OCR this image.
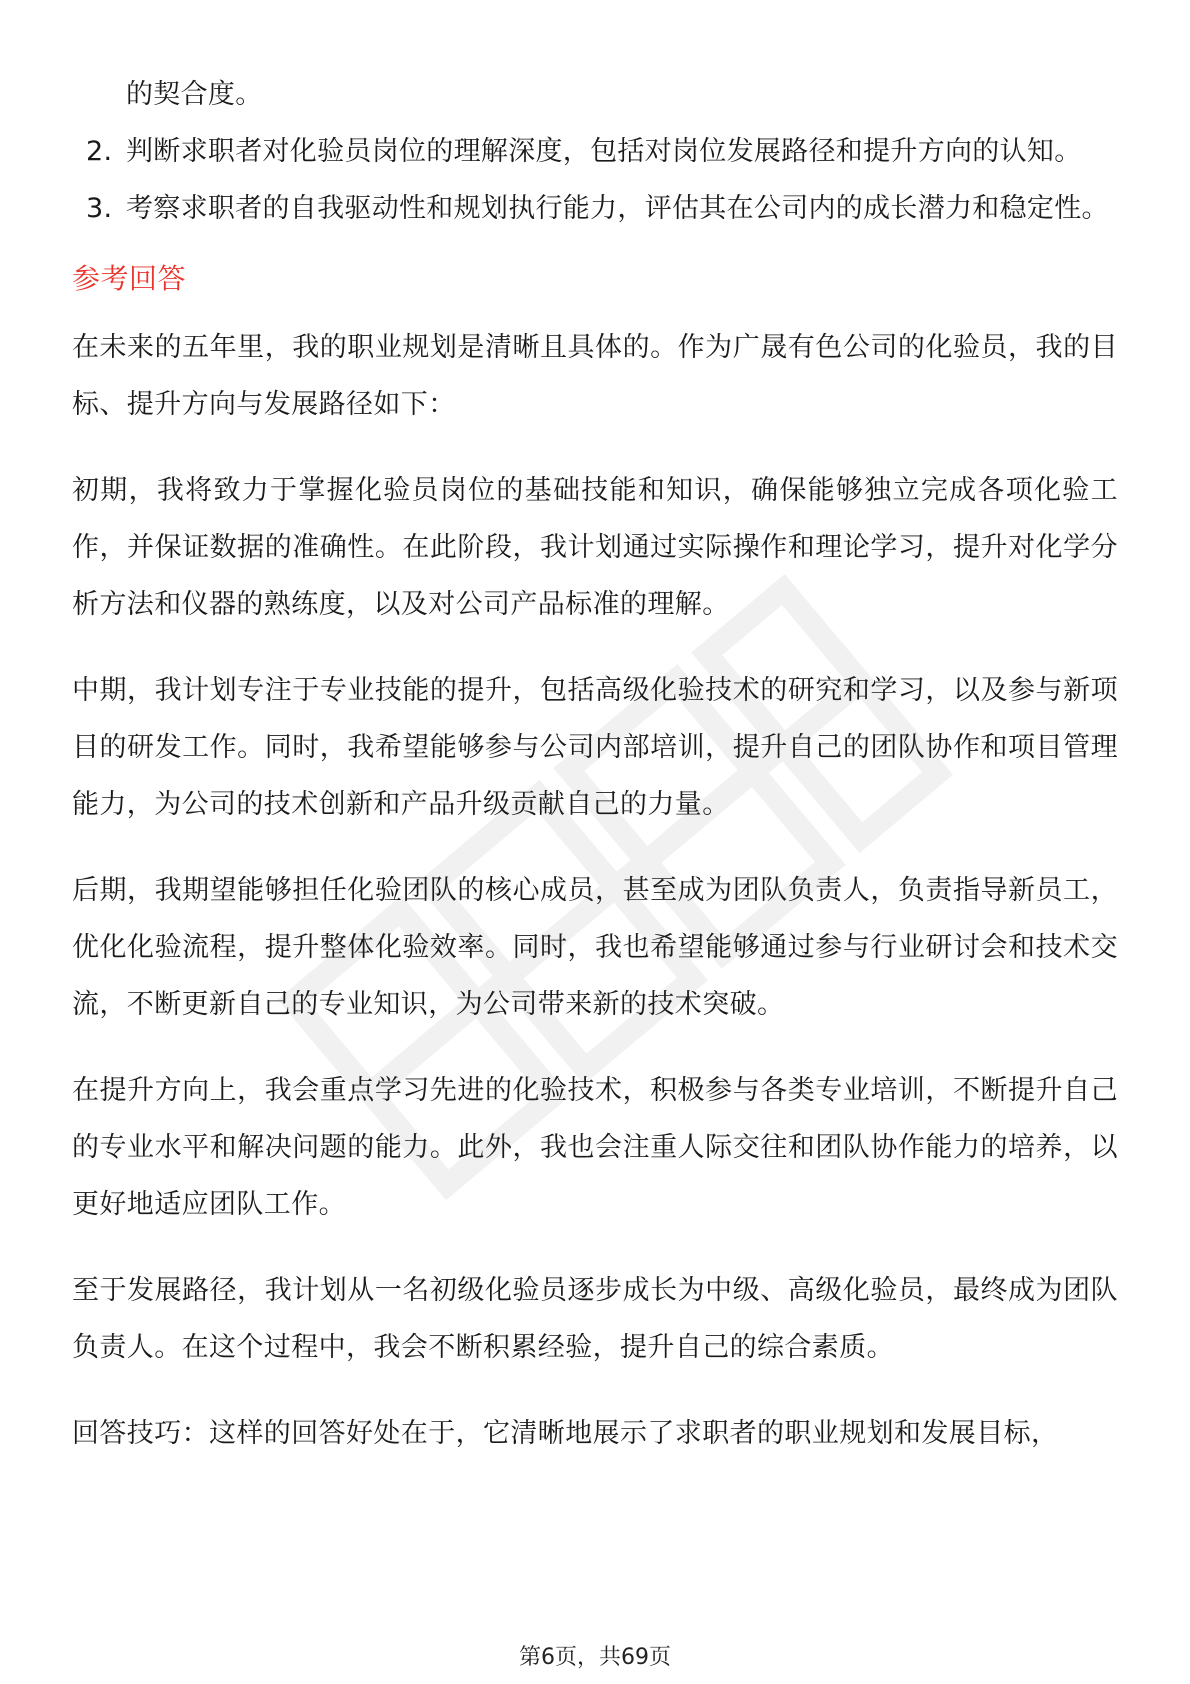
的契合度。
2. 判断求职者对化验员岗位的理解深度，包括对岗位发展路径和提升方向的认知。
3. 考察求职者的自我驱动性和规划执行能力，评估其在公司内的成长潜力和稳定性。
参考回答

在未来的五年里，我的职业规划是清晰且具体的。作为广晟有色公司的化验员，我的目标、提升方向与发展路径如下：

初期，我将致力于掌握化验员岗位的基础技能和知识，确保能够独立完成各项化验工作，并保证数据的准确性。在此阶段，我计划通过实际操作和理论学习，提升对化学分析方法和仪器的熟练度，以及对公司产品标准的理解。

中期，我计划专注于专业技能的提升，包括高级化验技术的研究和学习，以及参与新项目的研发工作。同时，我希望能够参与公司内部培训，提升自己的团队协作和项目管理能力，为公司的技术创新和产品升级贡献自己的力量。

后期，我期望能够担任化验团队的核心成员，甚至成为团队负责人，负责指导新员工，优化化验流程，提升整体化验效率。同时，我也希望能够通过参与行业研讨会和技术交流，不断更新自己的专业知识，为公司带来新的技术突破。

在提升方向上，我会重点学习先进的化验技术，积极参与各类专业培训，不断提升自己的专业水平和解决问题的能力。此外，我也会注重人际交往和团队协作能力的培养，以更好地适应团队工作。

至于发展路径，我计划从一名初级化验员逐步成长为中级、高级化验员，最终成为团队负责人。在这个过程中，我会不断积累经验，提升自己的综合素质。

回答技巧：这样的回答好处在于，它清晰地展示了求职者的职业规划和发展目标，

第6页，共69页
